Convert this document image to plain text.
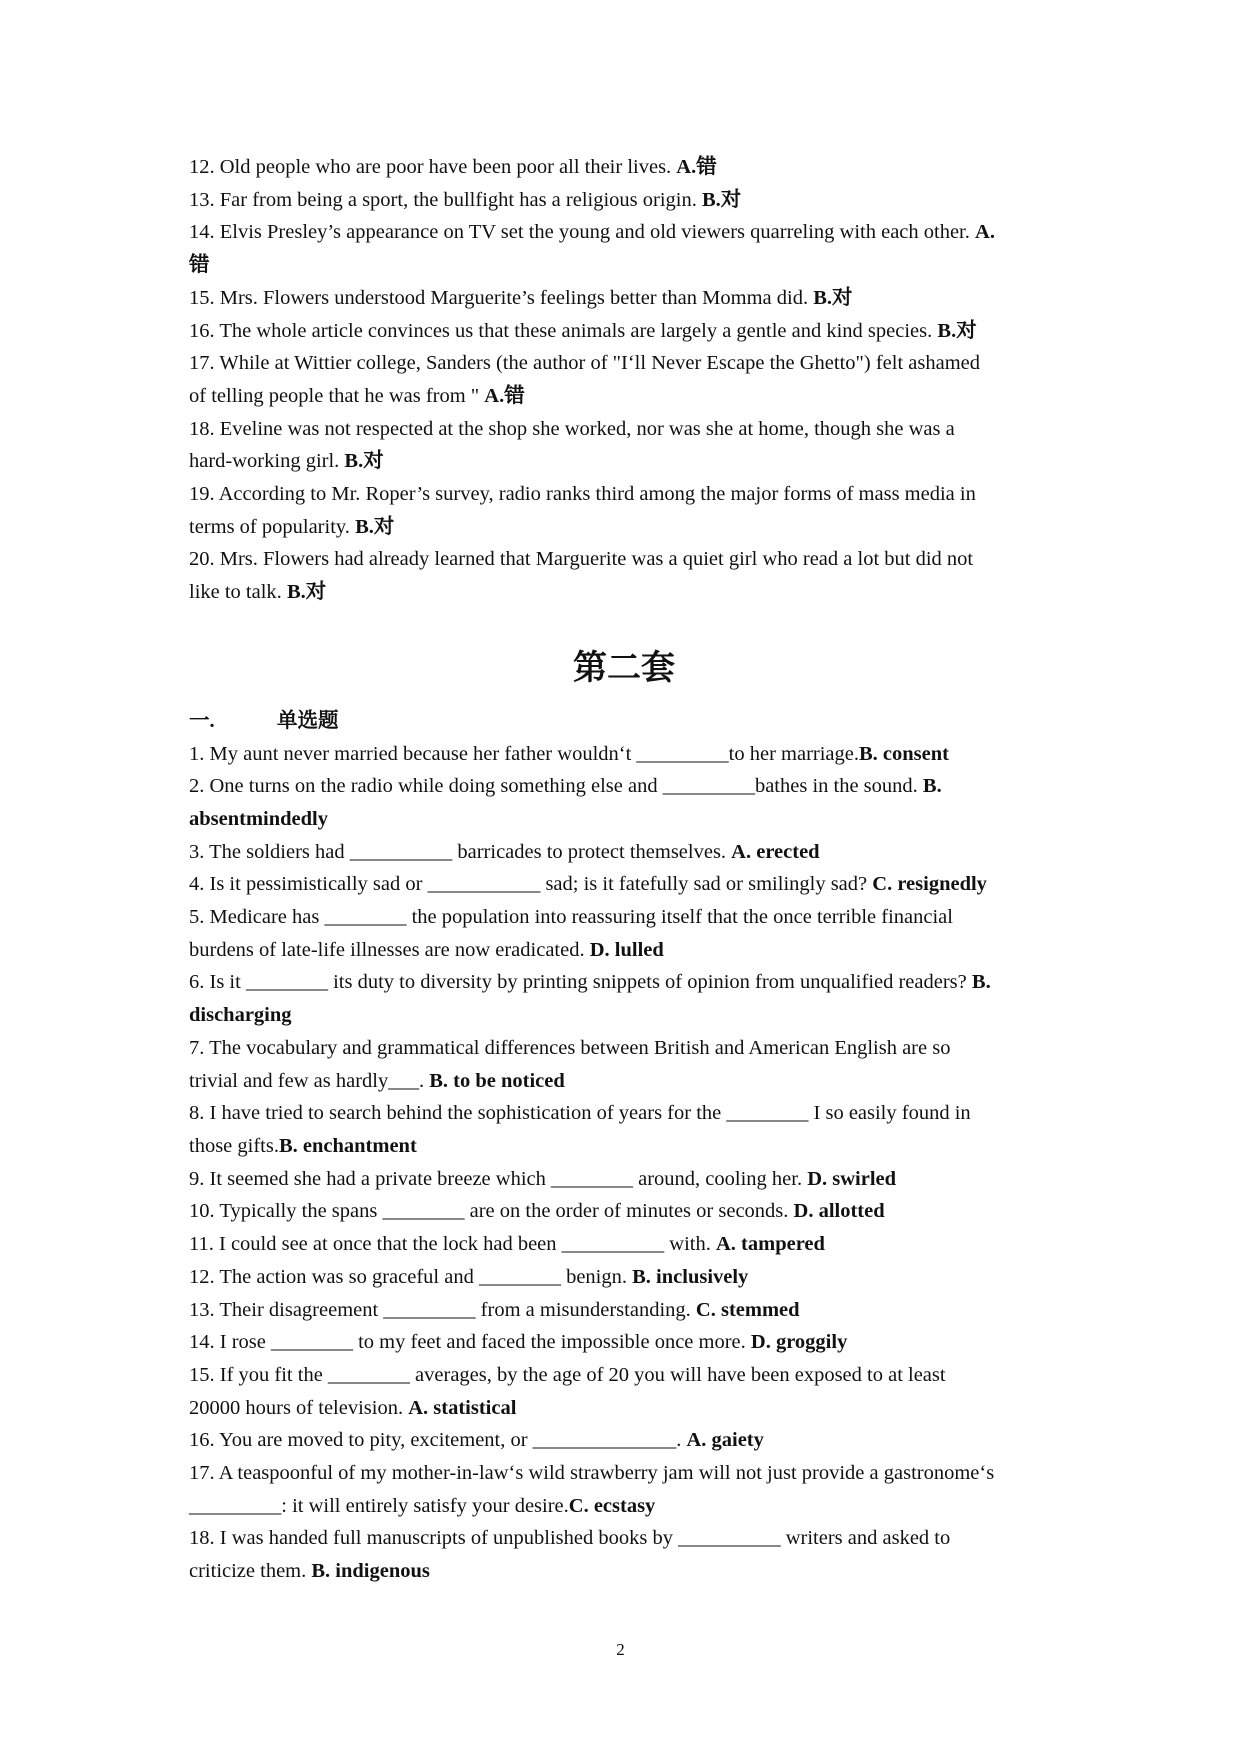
12. Old people who are poor have been poor all their lives. A.错
13. Far from being a sport, the bullfight has a religious origin. B.对
14. Elvis Presley’s appearance on TV set the young and old viewers quarreling with each other. A.
错
15. Mrs. Flowers understood Marguerite’s feelings better than Momma did. B.对
16. The whole article convinces us that these animals are largely a gentle and kind species. B.对
17. While at Wittier college, Sanders (the author of "I‘ll Never Escape the Ghetto") felt ashamed
of telling people that he was from " A.错
18. Eveline was not respected at the shop she worked, nor was she at home, though she was a
hard-working girl. B.对
19. According to Mr. Roper’s survey, radio ranks third among the major forms of mass media in
terms of popularity. B.对
20. Mrs. Flowers had already learned that Marguerite was a quiet girl who read a lot but did not
like to talk. B.对
第二套
一.	单选题
1. My aunt never married because her father wouldn‘t _________to her marriage.B. consent
2. One turns on the radio while doing something else and _________bathes in the sound. B.
absentmindedly
3. The soldiers had __________ barricades to protect themselves. A. erected
4. Is it pessimistically sad or ___________ sad; is it fatefully sad or smilingly sad? C. resignedly
5. Medicare has ________ the population into reassuring itself that the once terrible financial
burdens of late-life illnesses are now eradicated. D. lulled
6. Is it ________ its duty to diversity by printing snippets of opinion from unqualified readers? B.
discharging
7. The vocabulary and grammatical differences between British and American English are so
trivial and few as hardly___. B. to be noticed
8. I have tried to search behind the sophistication of years for the ________ I so easily found in
those gifts.B. enchantment
9. It seemed she had a private breeze which ________ around, cooling her. D. swirled
10. Typically the spans ________ are on the order of minutes or seconds. D. allotted
11. I could see at once that the lock had been __________ with. A. tampered
12. The action was so graceful and ________ benign. B. inclusively
13. Their disagreement _________ from a misunderstanding. C. stemmed
14. I rose ________ to my feet and faced the impossible once more. D. groggily
15. If you fit the ________ averages, by the age of 20 you will have been exposed to at least
20000 hours of television. A. statistical
16. You are moved to pity, excitement, or ______________. A. gaiety
17. A teaspoonful of my mother-in-law‘s wild strawberry jam will not just provide a gastronome‘s
_________: it will entirely satisfy your desire.C. ecstasy
18. I was handed full manuscripts of unpublished books by __________ writers and asked to
criticize them. B. indigenous
2
